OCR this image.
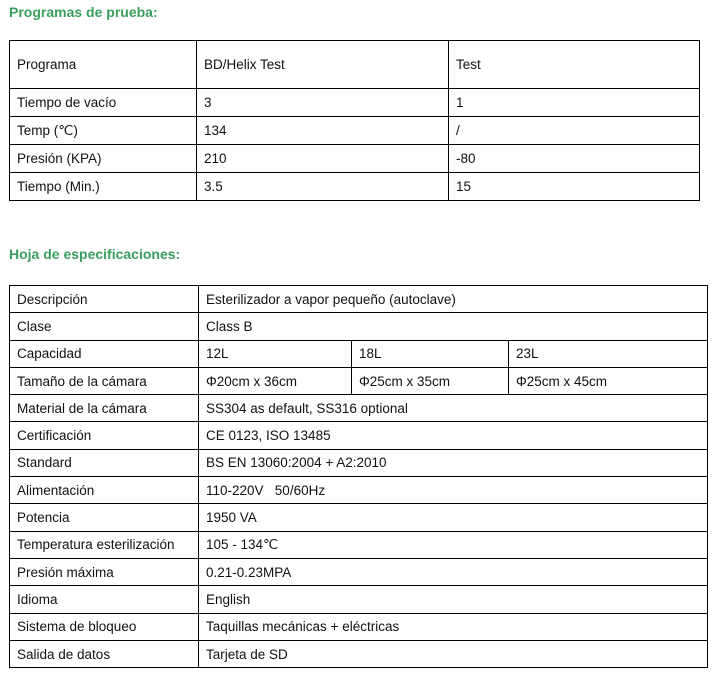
Programas de prueba:
Programa	BD/Helix Test	Test
Tiempo de vacío	3	1
Temp (℃)	134	/
Presión (KPA)	210	-80
Tiempo (Min.)	3.5	15
Hoja de especificaciones:
Descripción	Esterilizador a vapor pequeño (autoclave)		
Clase	Class B		
Capacidad	12L	18L	23L
Tamaño de la cámara	Φ20cm x 36cm	Φ25cm x 35cm	Φ25cm x 45cm
Material de la cámara	SS304 as default, SS316 optional		
Certificación	CE 0123, ISO 13485		
Standard	BS EN 13060:2004 + A2:2010		
Alimentación	110-220V   50/60Hz		
Potencia	1950 VA		
Temperatura esterilización	105 - 134℃		
Presión máxima	0.21-0.23MPA		
Idioma	English		
Sistema de bloqueo	Taquillas mecánicas + eléctricas		
Salida de datos	Tarjeta de SD		
